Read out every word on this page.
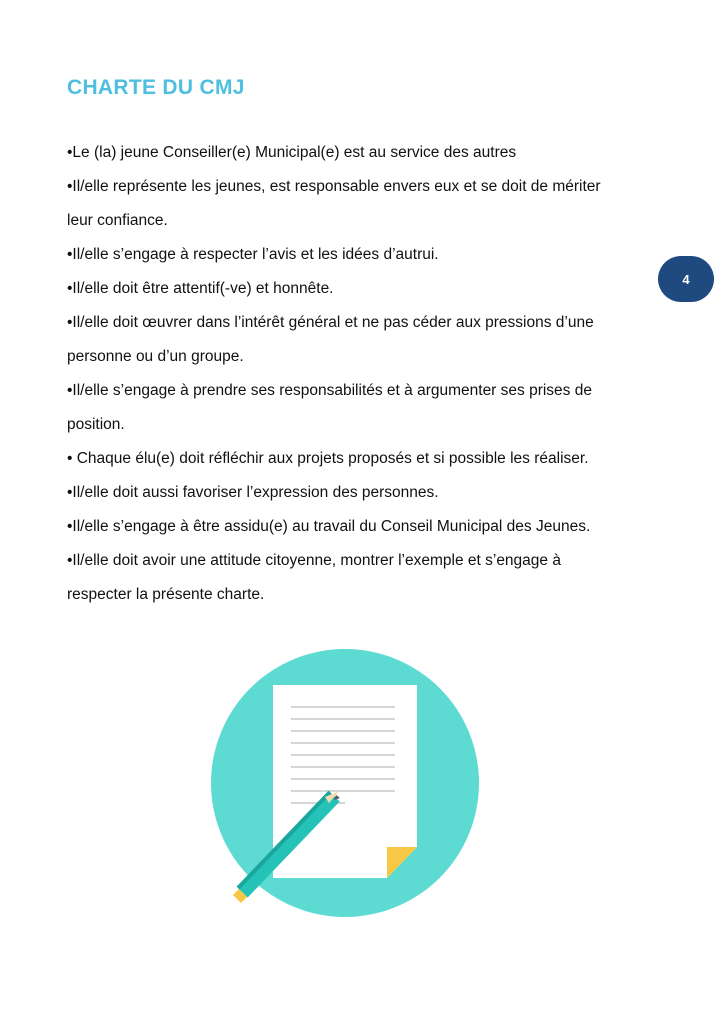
CHARTE DU CMJ
•Le (la) jeune Conseiller(e) Municipal(e) est au service des autres
•Il/elle représente les jeunes, est responsable envers eux et se doit de mériter
leur confiance.
•Il/elle s’engage à respecter l’avis et les idées d’autrui.
•Il/elle doit être attentif(-ve) et honnête.
•Il/elle doit œuvrer dans l’intérêt général et ne pas céder aux pressions d’une
personne ou d’un groupe.
•Il/elle s’engage à prendre ses responsabilités et à argumenter ses prises de
position.
• Chaque élu(e) doit réfléchir aux projets proposés et si possible les réaliser.
•Il/elle doit aussi favoriser l’expression des personnes.
•Il/elle s’engage à être assidu(e) au travail du Conseil Municipal des Jeunes.
•Il/elle doit avoir une attitude citoyenne, montrer l’exemple et s’engage à
respecter la présente charte.
4
